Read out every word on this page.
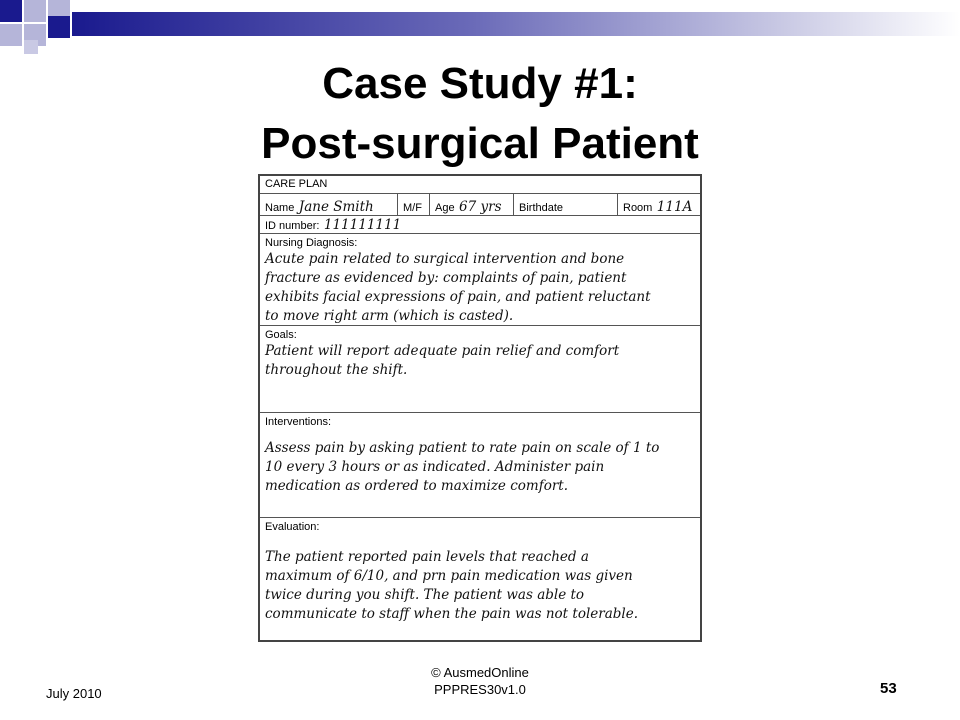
Case Study #1:
Post-surgical Patient
CARE PLAN
Name Jane Smith	M/F	Age 67 yrs	Birthdate	Room 111A
ID number: 111111111
Nursing Diagnosis:
Acute pain related to surgical intervention and bone
fracture as evidenced by: complaints of pain, patient
exhibits facial expressions of pain, and patient reluctant
to move right arm (which is casted).
Goals:
Patient will report adequate pain relief and comfort
throughout the shift.
Interventions:
Assess pain by asking patient to rate pain on scale of 1 to
10 every 3 hours or as indicated. Administer pain
medication as ordered to maximize comfort.
Evaluation:
The patient reported pain levels that reached a
maximum of 6/10, and prn pain medication was given
twice during you shift. The patient was able to
communicate to staff when the pain was not tolerable.
July 2010
© AusmedOnline
PPPRES30v1.0	53
